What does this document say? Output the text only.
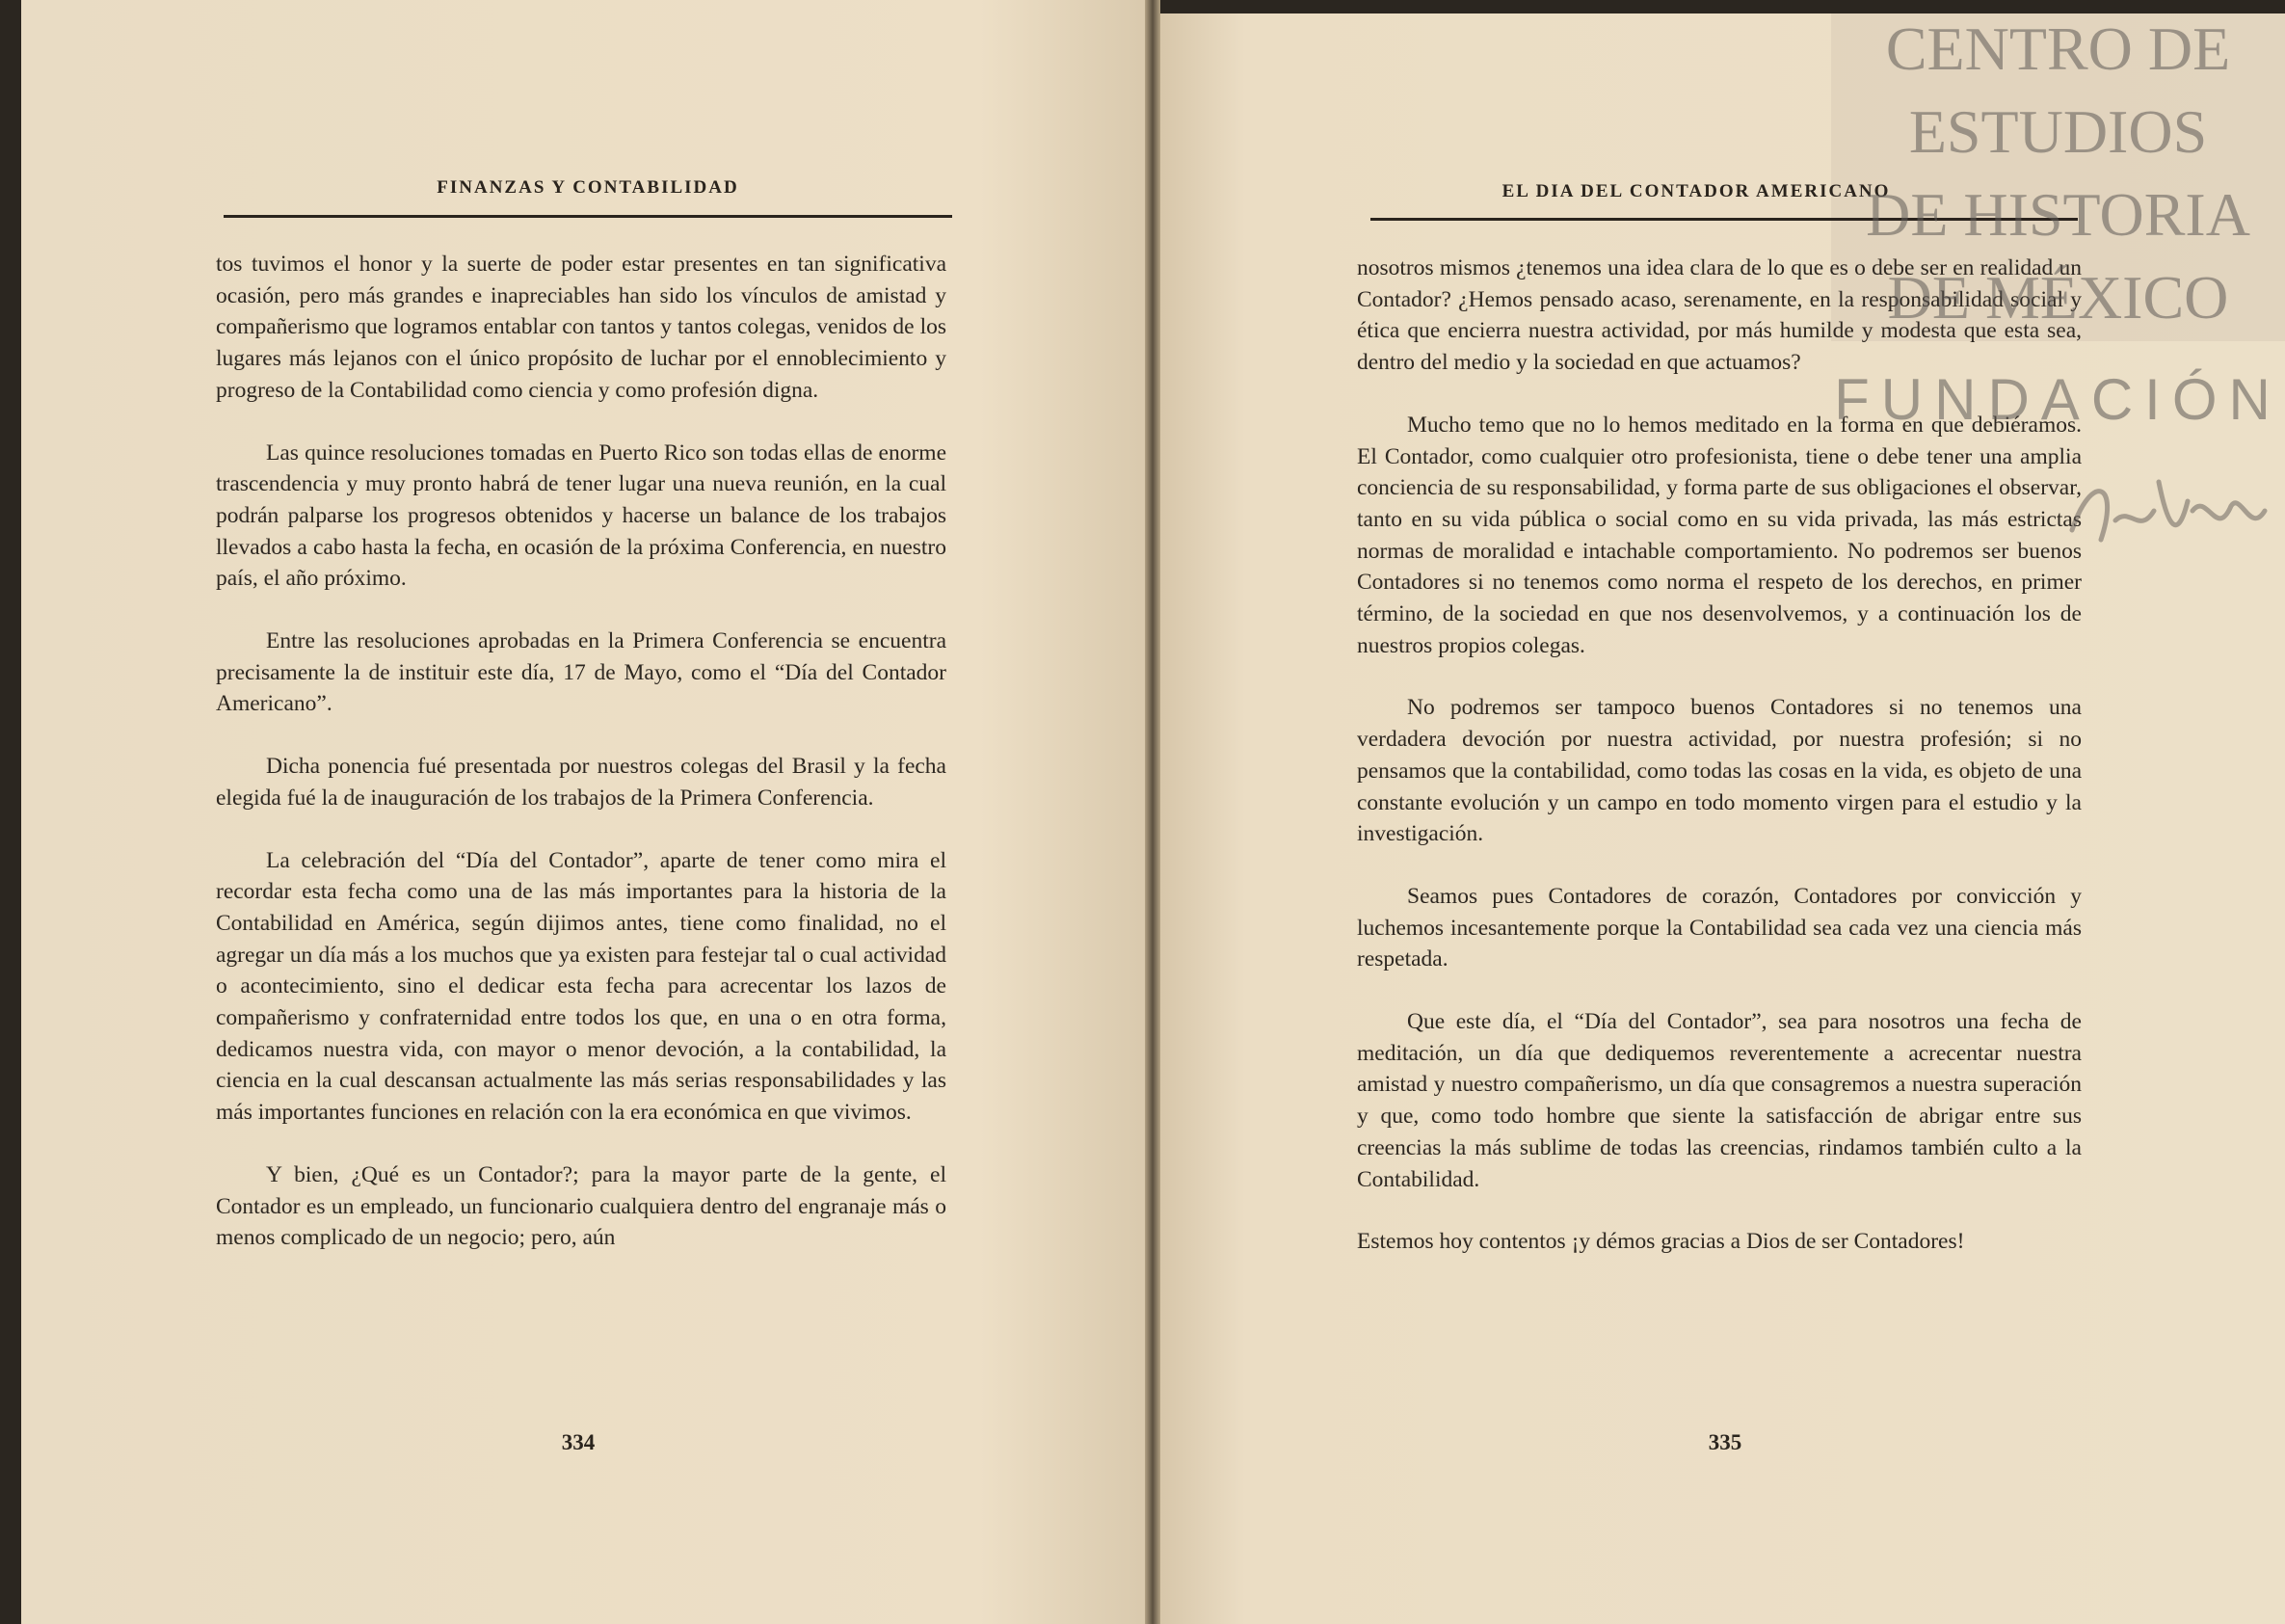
FINANZAS Y CONTABILIDAD

tos tuvimos el honor y la suerte de poder estar presentes en tan significativa ocasión, pero más grandes e inapreciables han sido los vínculos de amistad y compañerismo que logramos entablar con tantos y tantos colegas, venidos de los lugares más lejanos con el único propósito de luchar por el ennoblecimiento y progreso de la Contabilidad como ciencia y como profesión digna.

Las quince resoluciones tomadas en Puerto Rico son todas ellas de enorme trascendencia y muy pronto habrá de tener lugar una nueva reunión, en la cual podrán palparse los progresos obtenidos y hacerse un balance de los trabajos llevados a cabo hasta la fecha, en ocasión de la próxima Conferencia, en nuestro país, el año próximo.

Entre las resoluciones aprobadas en la Primera Conferencia se encuentra precisamente la de instituir este día, 17 de Mayo, como el “Día del Contador Americano”.

Dicha ponencia fué presentada por nuestros colegas del Brasil y la fecha elegida fué la de inauguración de los trabajos de la Primera Conferencia.

La celebración del “Día del Contador”, aparte de tener como mira el recordar esta fecha como una de las más importantes para la historia de la Contabilidad en América, según dijimos antes, tiene como finalidad, no el agregar un día más a los muchos que ya existen para festejar tal o cual actividad o acontecimiento, sino el dedicar esta fecha para acrecentar los lazos de compañerismo y confraternidad entre todos los que, en una o en otra forma, dedicamos nuestra vida, con mayor o menor devoción, a la contabilidad, la ciencia en la cual descansan actualmente las más serias responsabilidades y las más importantes funciones en relación con la era económica en que vivimos.

Y bien, ¿Qué es un Contador?; para la mayor parte de la gente, el Contador es un empleado, un funcionario cualquiera dentro del engranaje más o menos complicado de un negocio; pero, aún

334
EL DIA DEL CONTADOR AMERICANO

nosotros mismos ¿tenemos una idea clara de lo que es o debe ser en realidad un Contador? ¿Hemos pensado acaso, serenamente, en la responsabilidad social y ética que encierra nuestra actividad, por más humilde y modesta que esta sea, dentro del medio y la sociedad en que actuamos?

Mucho temo que no lo hemos meditado en la forma en que debiéramos. El Contador, como cualquier otro profesionista, tiene o debe tener una amplia conciencia de su responsabilidad, y forma parte de sus obligaciones el observar, tanto en su vida pública o social como en su vida privada, las más estrictas normas de moralidad e intachable comportamiento. No podremos ser buenos Contadores si no tenemos como norma el respeto de los derechos, en primer término, de la sociedad en que nos desenvolvemos, y a continuación los de nuestros propios colegas.

No podremos ser tampoco buenos Contadores si no tenemos una verdadera devoción por nuestra actividad, por nuestra profesión; si no pensamos que la contabilidad, como todas las cosas en la vida, es objeto de una constante evolución y un campo en todo momento virgen para el estudio y la investigación.

Seamos pues Contadores de corazón, Contadores por convicción y luchemos incesantemente porque la Contabilidad sea cada vez una ciencia más respetada.

Que este día, el “Día del Contador”, sea para nosotros una fecha de meditación, un día que dediquemos reverentemente a acrecentar nuestra amistad y nuestro compañerismo, un día que consagremos a nuestra superación y que, como todo hombre que siente la satisfacción de abrigar entre sus creencias la más sublime de todas las creencias, rindamos también culto a la Contabilidad.

Estemos hoy contentos ¡y démos gracias a Dios de ser Contadores!

335
CENTRO DE
ESTUDIOS
DE HISTORIA
DE MÉXICO
FUNDACIÓN
